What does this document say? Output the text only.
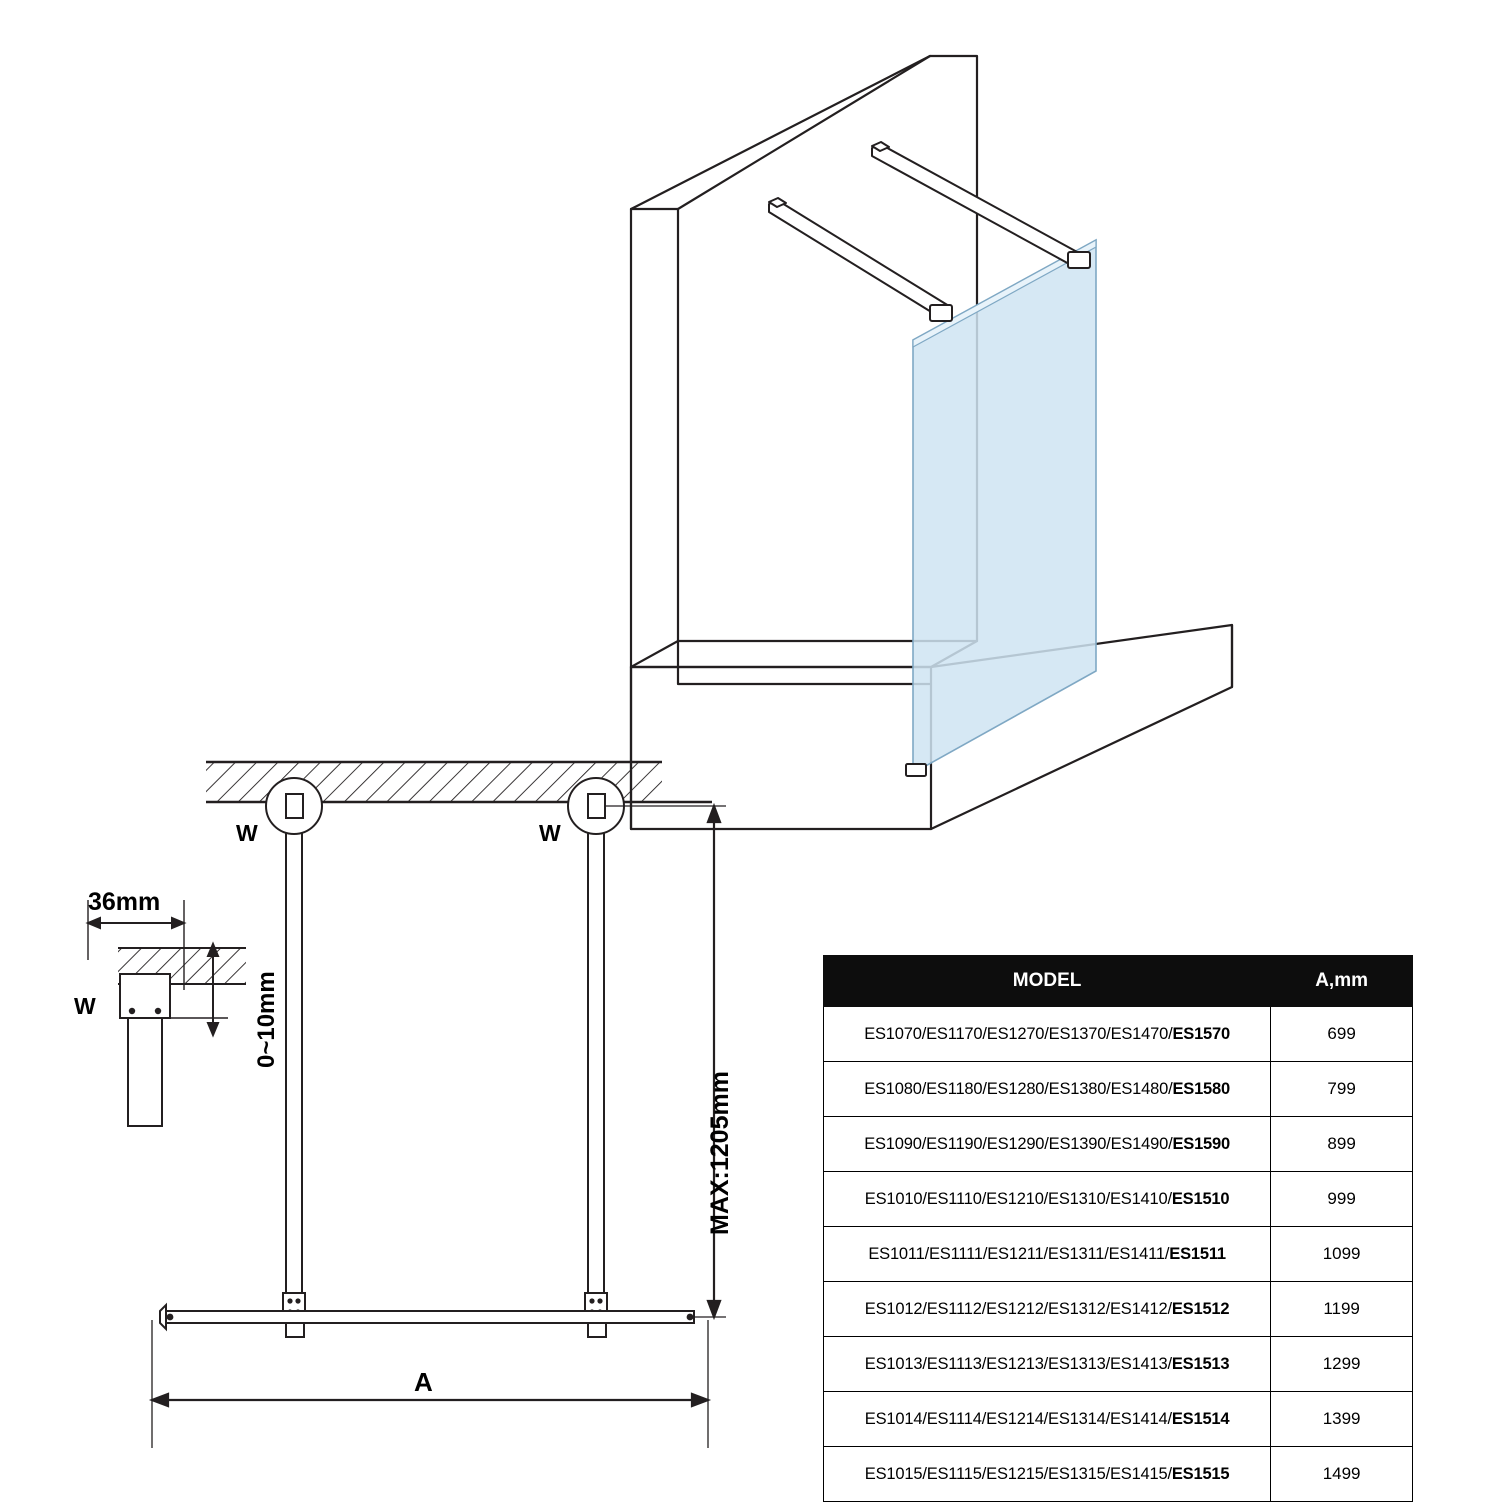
36mm
W
W	W
A
0~10mm
MAX:1205mm
MODEL	A,mm
ES1070/ES1170/ES1270/ES1370/ES1470/ES1570	699
ES1080/ES1180/ES1280/ES1380/ES1480/ES1580	799
ES1090/ES1190/ES1290/ES1390/ES1490/ES1590	899
ES1010/ES1110/ES1210/ES1310/ES1410/ES1510	999
ES1011/ES1111/ES1211/ES1311/ES1411/ES1511	1099
ES1012/ES1112/ES1212/ES1312/ES1412/ES1512	1199
ES1013/ES1113/ES1213/ES1313/ES1413/ES1513	1299
ES1014/ES1114/ES1214/ES1314/ES1414/ES1514	1399
ES1015/ES1115/ES1215/ES1315/ES1415/ES1515	1499
